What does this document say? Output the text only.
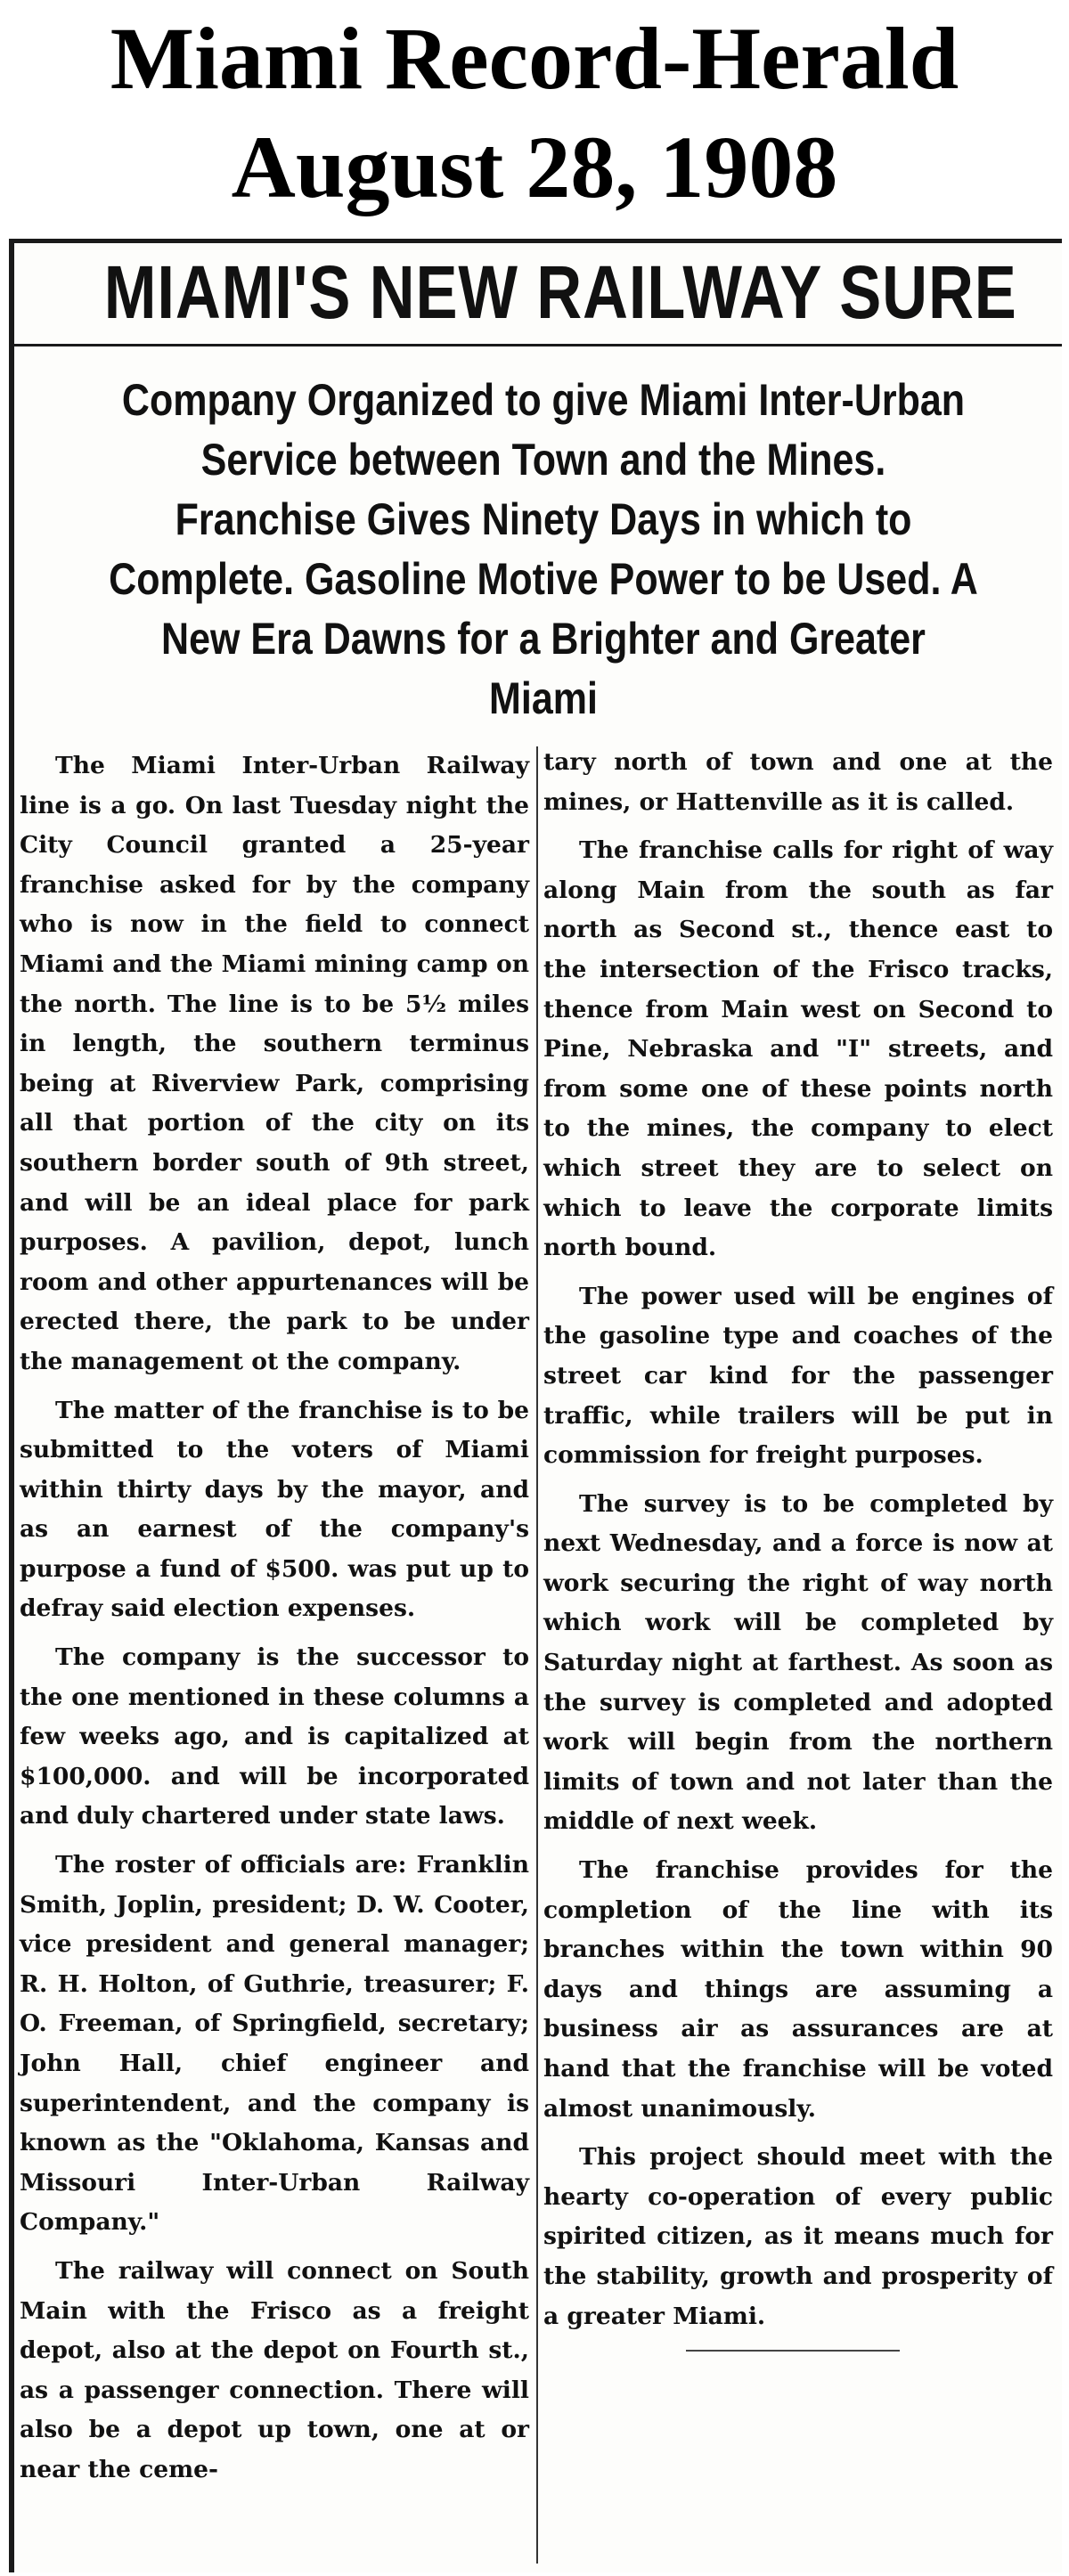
Miami Record-Herald
August 28, 1908
MIAMI'S NEW RAILWAY SURE

Company Organized to give Miami Inter-Urban Service between Town and the Mines. Franchise Gives Ninety Days in which to Complete. Gasoline Motive Power to be Used. A New Era Dawns for a Brighter and Greater Miami

The Miami Inter-Urban Railway line is a go. On last Tuesday night the City Council granted a 25-year franchise asked for by the company who is now in the field to connect Miami and the Miami mining camp on the north. The line is to be 5½ miles in length, the southern terminus being at Riverview Park, comprising all that portion of the city on its southern border south of 9th street, and will be an ideal place for park purposes. A pavilion, depot, lunch room and other appurtenances will be erected there, the park to be under the management ot the company.

The matter of the franchise is to be submitted to the voters of Miami within thirty days by the mayor, and as an earnest of the company's purpose a fund of $500. was put up to defray said election expenses.

The company is the successor to the one mentioned in these columns a few weeks ago, and is capitalized at $100,000. and will be incorporated and duly chartered under state laws.

The roster of officials are: Franklin Smith, Joplin, president; D. W. Cooter, vice president and general manager; R. H. Holton, of Guthrie, treasurer; F. O. Freeman, of Springfield, secretary; John Hall, chief engineer and superintendent, and the company is known as the "Oklahoma, Kansas and Missouri Inter-Urban Railway Company."

The railway will connect on South Main with the Frisco as a freight depot, also at the depot on Fourth st., as a passenger connection. There will also be a depot up town, one at or near the ceme-

tary north of town and one at the mines, or Hattenville as it is called.

The franchise calls for right of way along Main from the south as far north as Second st., thence east to the intersection of the Frisco tracks, thence from Main west on Second to Pine, Nebraska and "I" streets, and from some one of these points north to the mines, the company to elect which street they are to select on which to leave the corporate limits north bound.

The power used will be engines of the gasoline type and coaches of the street car kind for the passenger traffic, while trailers will be put in commission for freight purposes.

The survey is to be completed by next Wednesday, and a force is now at work securing the right of way north which work will be completed by Saturday night at farthest. As soon as the survey is completed and adopted work will begin from the northern limits of town and not later than the middle of next week.

The franchise provides for the completion of the line with its branches within the town within 90 days and things are assuming a business air as assurances are at hand that the franchise will be voted almost unanimously.

This project should meet with the hearty co-operation of every public spirited citizen, as it means much for the stability, growth and prosperity of a greater Miami.
